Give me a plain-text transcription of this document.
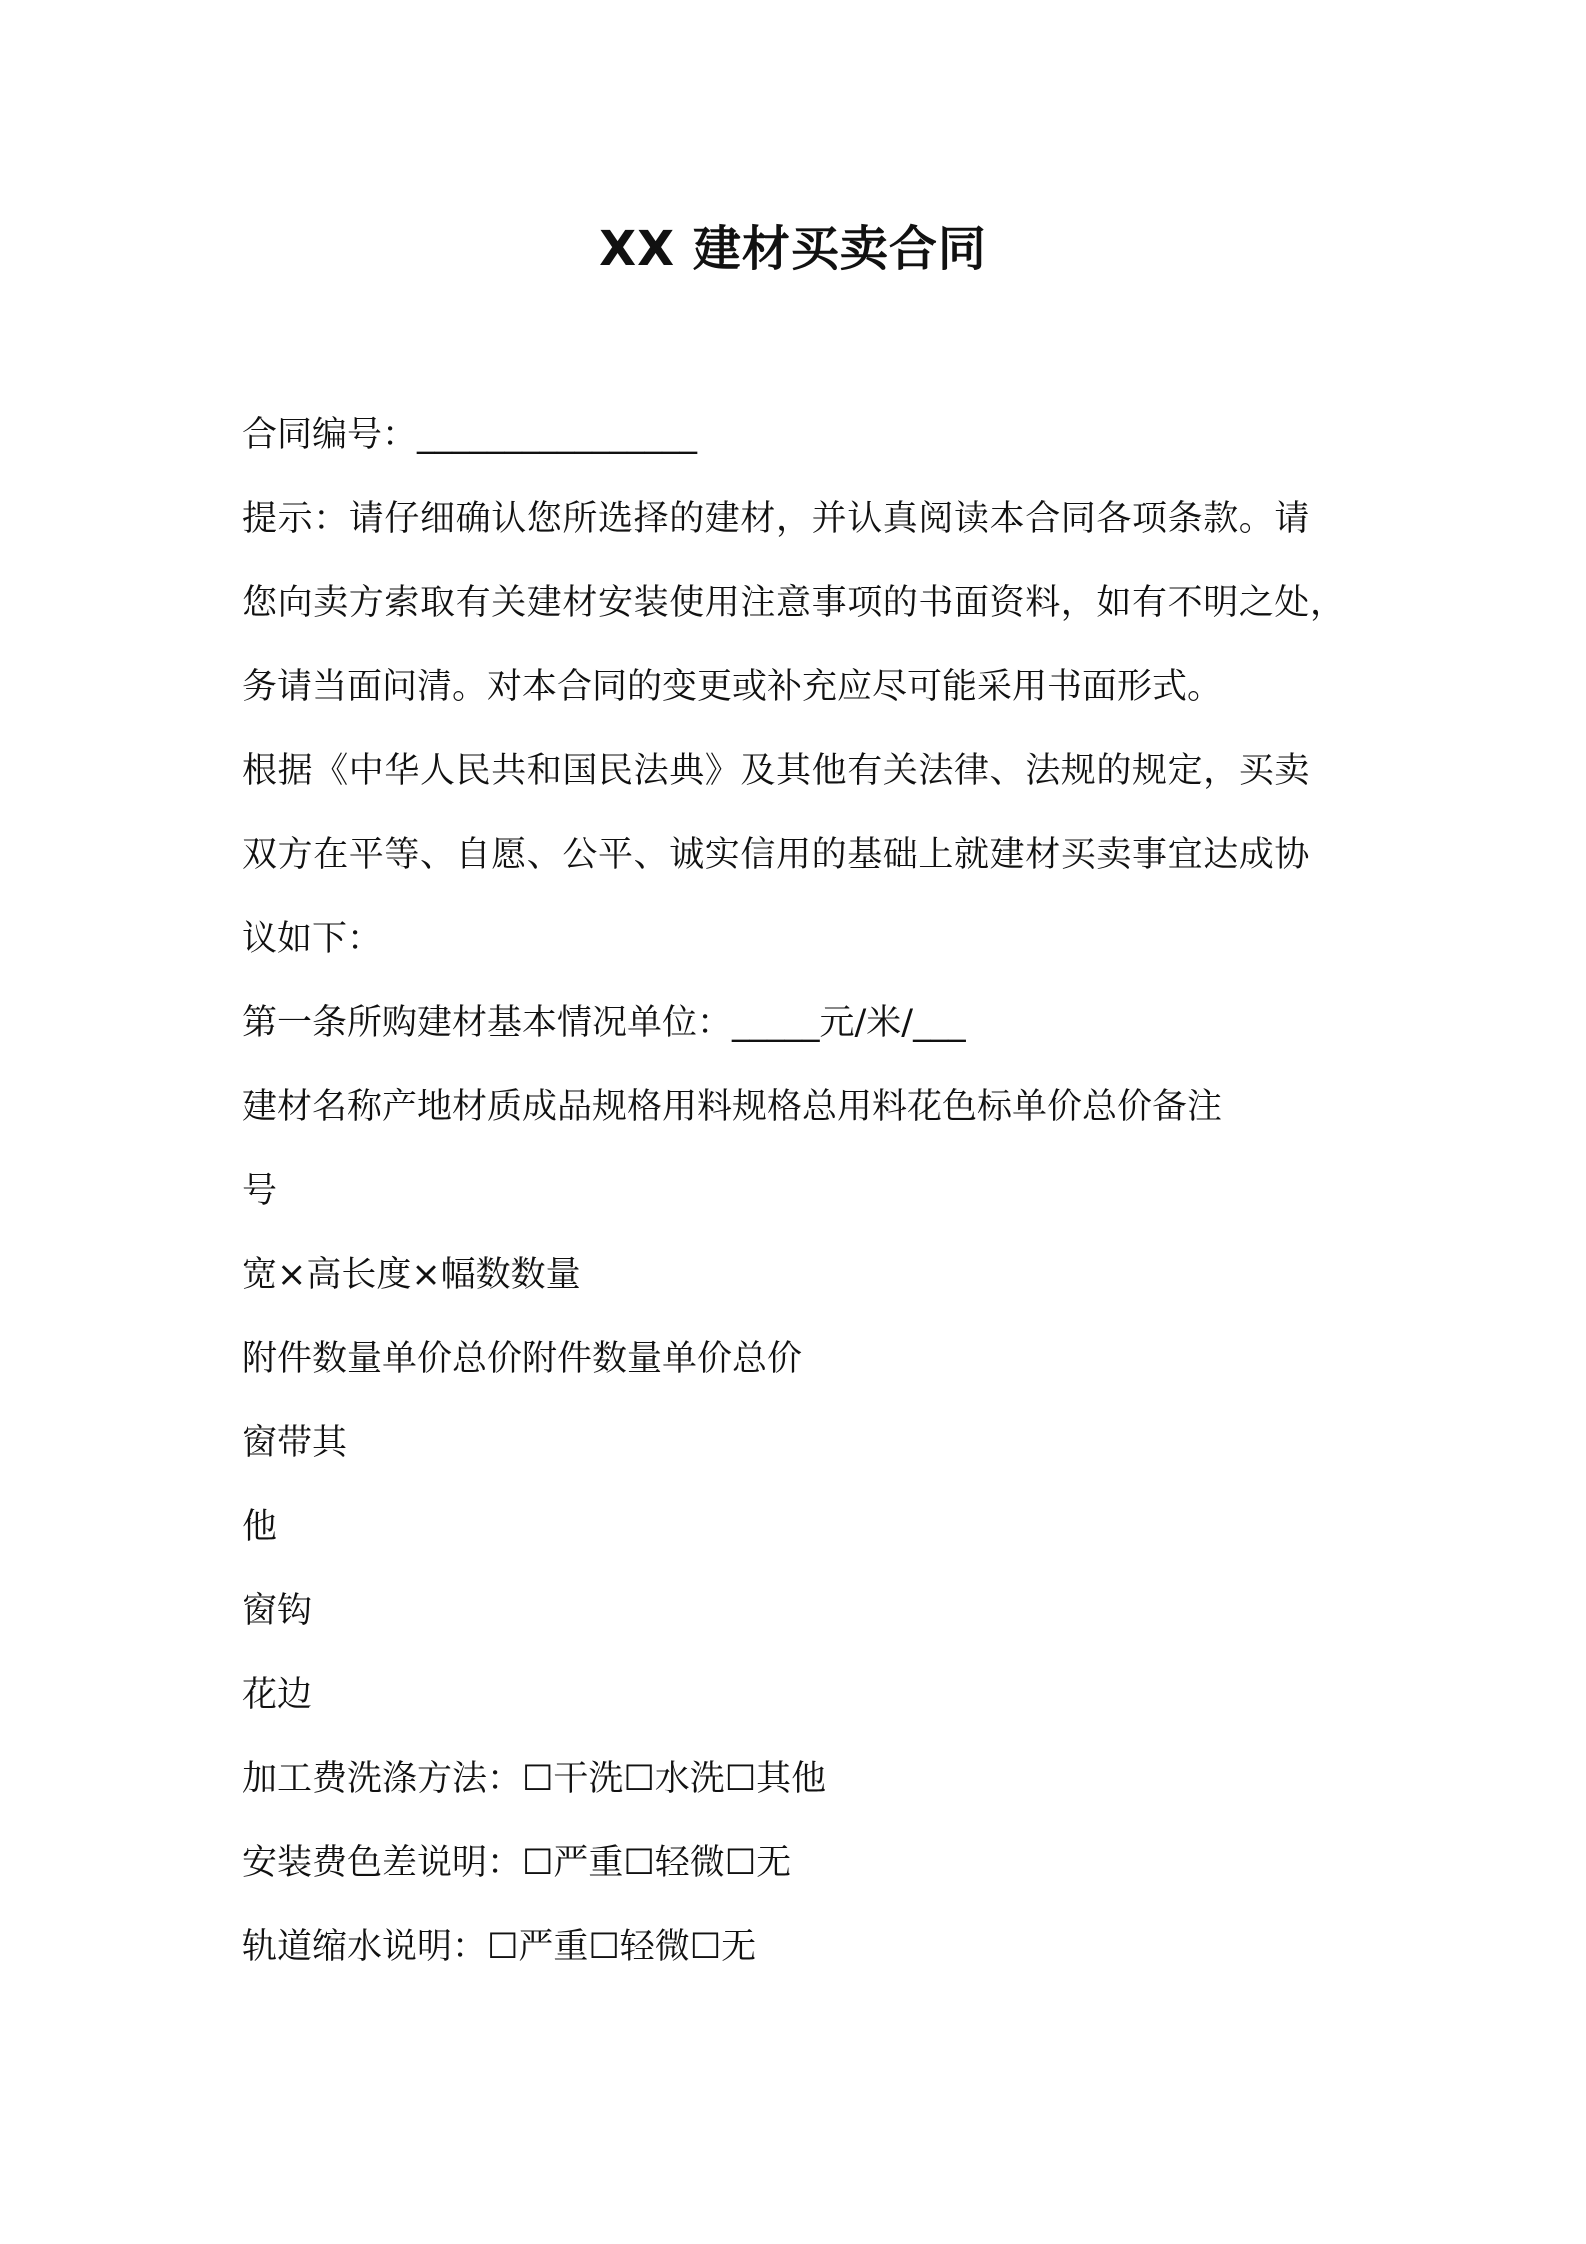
XX 建材买卖合同
合同编号：________________
提示：请仔细确认您所选择的建材，并认真阅读本合同各项条款。请
您向卖方索取有关建材安装使用注意事项的书面资料，如有不明之处，
务请当面问清。对本合同的变更或补充应尽可能采用书面形式。
根据《中华人民共和国民法典》及其他有关法律、法规的规定，买卖
双方在平等、自愿、公平、诚实信用的基础上就建材买卖事宜达成协
议如下：
第一条所购建材基本情况单位：_____元/米/___
建材名称产地材质成品规格用料规格总用料花色标单价总价备注
号
宽×高长度×幅数数量
附件数量单价总价附件数量单价总价
窗带其
他
窗钩
花边
加工费洗涤方法：☐干洗☐水洗☐其他
安装费色差说明：☐严重☐轻微☐无
轨道缩水说明：☐严重☐轻微☐无
